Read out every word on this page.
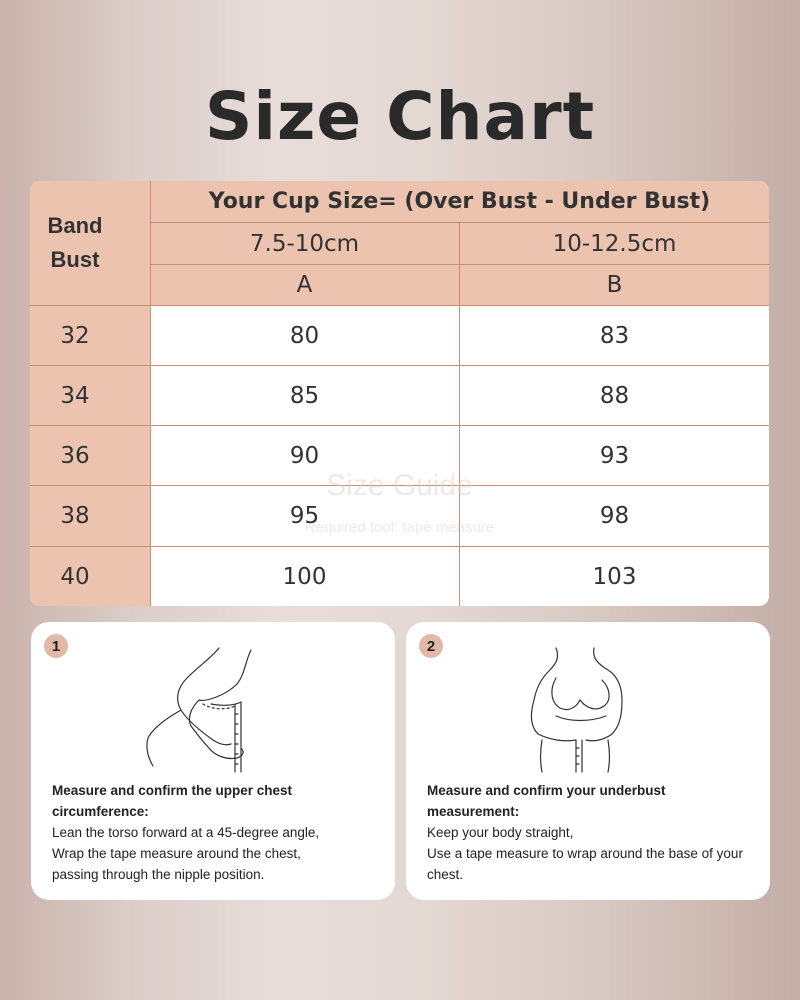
Size Chart
Band
Bust
Your Cup Size= (Over Bust - Under Bust)
7.5-10cm	10-12.5cm
A	B
Size Guide
Required tool: tape measure
32	80	83
34	85	88
36	90	93
38	95	98
40	100	103
1
Measure and confirm the upper chest circumference:
Lean the torso forward at a 45-degree angle,
Wrap the tape measure around the chest,
passing through the nipple position.
2
Measure and confirm your underbust measurement:
Keep your body straight,
Use a tape measure to wrap around the base of your chest.
